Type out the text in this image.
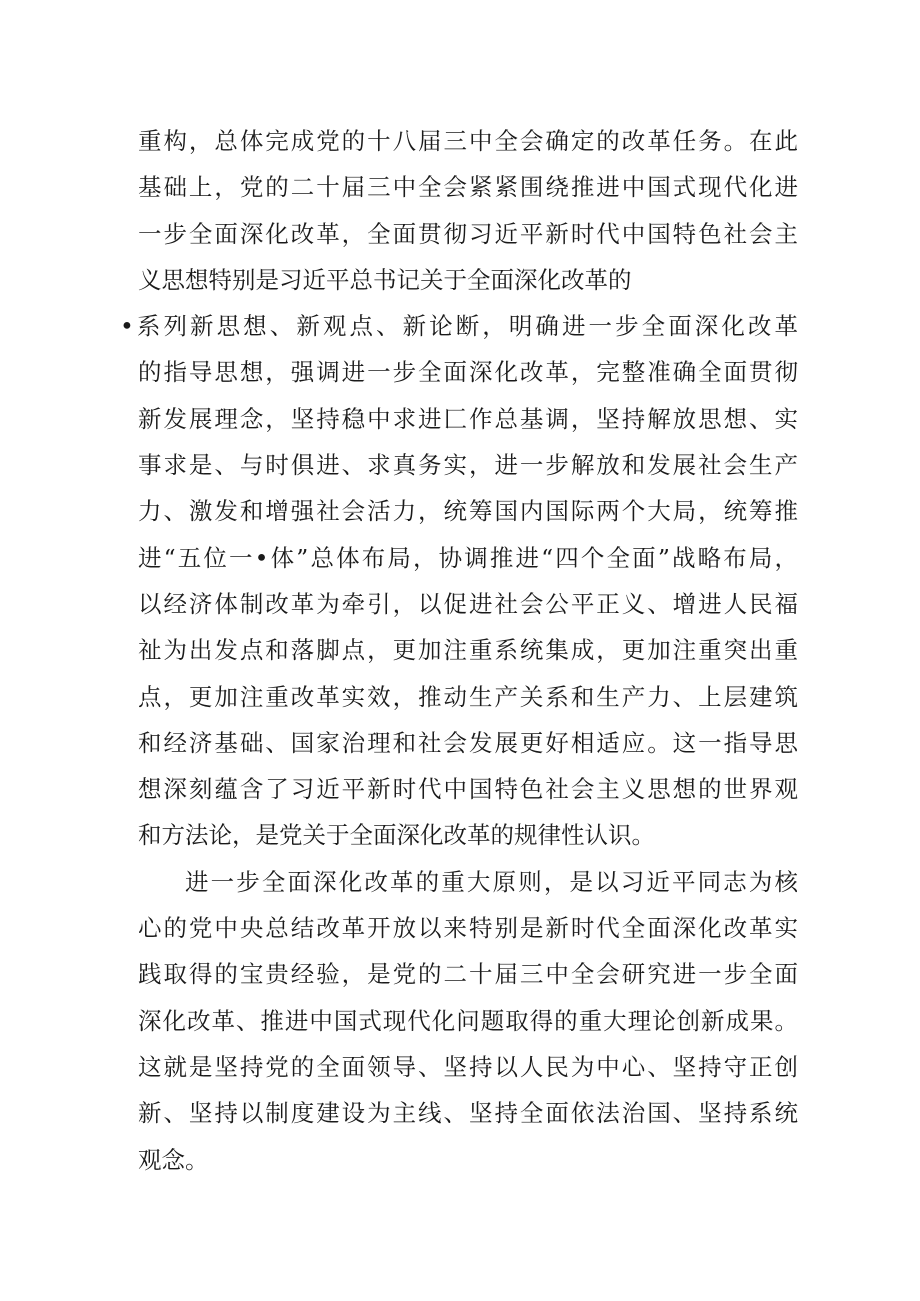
重构，总体完成党的十八届三中全会确定的改革任务。在此
基础上，党的二十届三中全会紧紧围绕推进中国式现代化进
一步全面深化改革，全面贯彻习近平新时代中国特色社会主
义思想特别是习近平总书记关于全面深化改革的
•系列新思想、新观点、新论断，明确进一步全面深化改革
的指导思想，强调进一步全面深化改革，完整准确全面贯彻
新发展理念，坚持稳中求进匚作总基调，坚持解放思想、实
事求是、与时俱进、求真务实，进一步解放和发展社会生产
力、激发和增强社会活力，统筹国内国际两个大局，统筹推
进“五位一•体”总体布局，协调推进“四个全面”战略布局，
以经济体制改革为牵引，以促进社会公平正义、增进人民福
祉为出发点和落脚点，更加注重系统集成，更加注重突出重
点，更加注重改革实效，推动生产关系和生产力、上层建筑
和经济基础、国家治理和社会发展更好相适应。这一指导思
想深刻蕴含了习近平新时代中国特色社会主义思想的世界观
和方法论，是党关于全面深化改革的规律性认识。
进一步全面深化改革的重大原则，是以习近平同志为核
心的党中央总结改革开放以来特别是新时代全面深化改革实
践取得的宝贵经验，是党的二十届三中全会研究进一步全面
深化改革、推进中国式现代化问题取得的重大理论创新成果。
这就是坚持党的全面领导、坚持以人民为中心、坚持守正创
新、坚持以制度建设为主线、坚持全面依法治国、坚持系统
观念。
